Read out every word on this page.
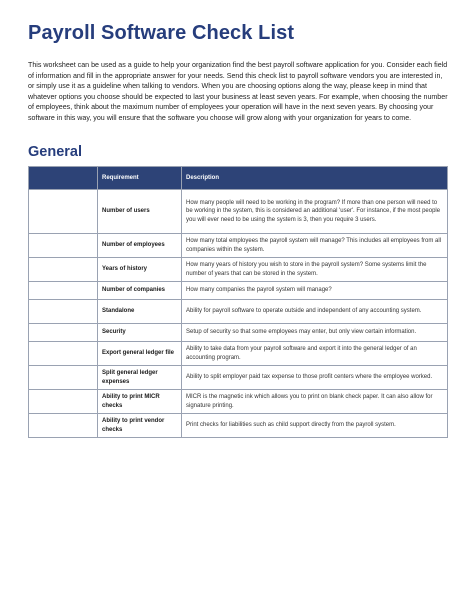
Payroll Software Check List

This worksheet can be used as a guide to help your organization find the best payroll software application for you. Consider each field of information and fill in the appropriate answer for your needs. Send this check list to payroll software vendors you are interested in, or simply use it as a guideline when talking to vendors. When you are choosing options along the way, please keep in mind that whatever options you choose should be expected to last your business at least seven years. For example, when choosing the number of employees, think about the maximum number of employees your operation will have in the next seven years. By choosing your software in this way, you will ensure that the software you choose will grow along with your organization for years to come.

General
	Requirement	Description
	Number of users	How many people will need to be working in the program? If more than one person will need to be working in the system, this is considered an additional 'user'. For instance, if the most people you will ever need to be using the system is 3, then you require 3 users.
	Number of employees	How many total employees the payroll system will manage? This includes all employees from all companies within the system.
	Years of history	How many years of history you wish to store in the payroll system? Some systems limit the number of years that can be stored in the system.
	Number of companies	How many companies the payroll system will manage?
	Standalone	Ability for payroll software to operate outside and independent of any accounting system.
	Security	Setup of security so that some employees may enter, but only view certain information.
	Export general ledger file	Ability to take data from your payroll software and export it into the general ledger of an accounting program.
	Split general ledger expenses	Ability to split employer paid tax expense to those profit centers where the employee worked.
	Ability to print MICR checks	MICR is the magnetic ink which allows you to print on blank check paper. It can also allow for signature printing.
	Ability to print vendor checks	Print checks for liabilities such as child support directly from the payroll system.
